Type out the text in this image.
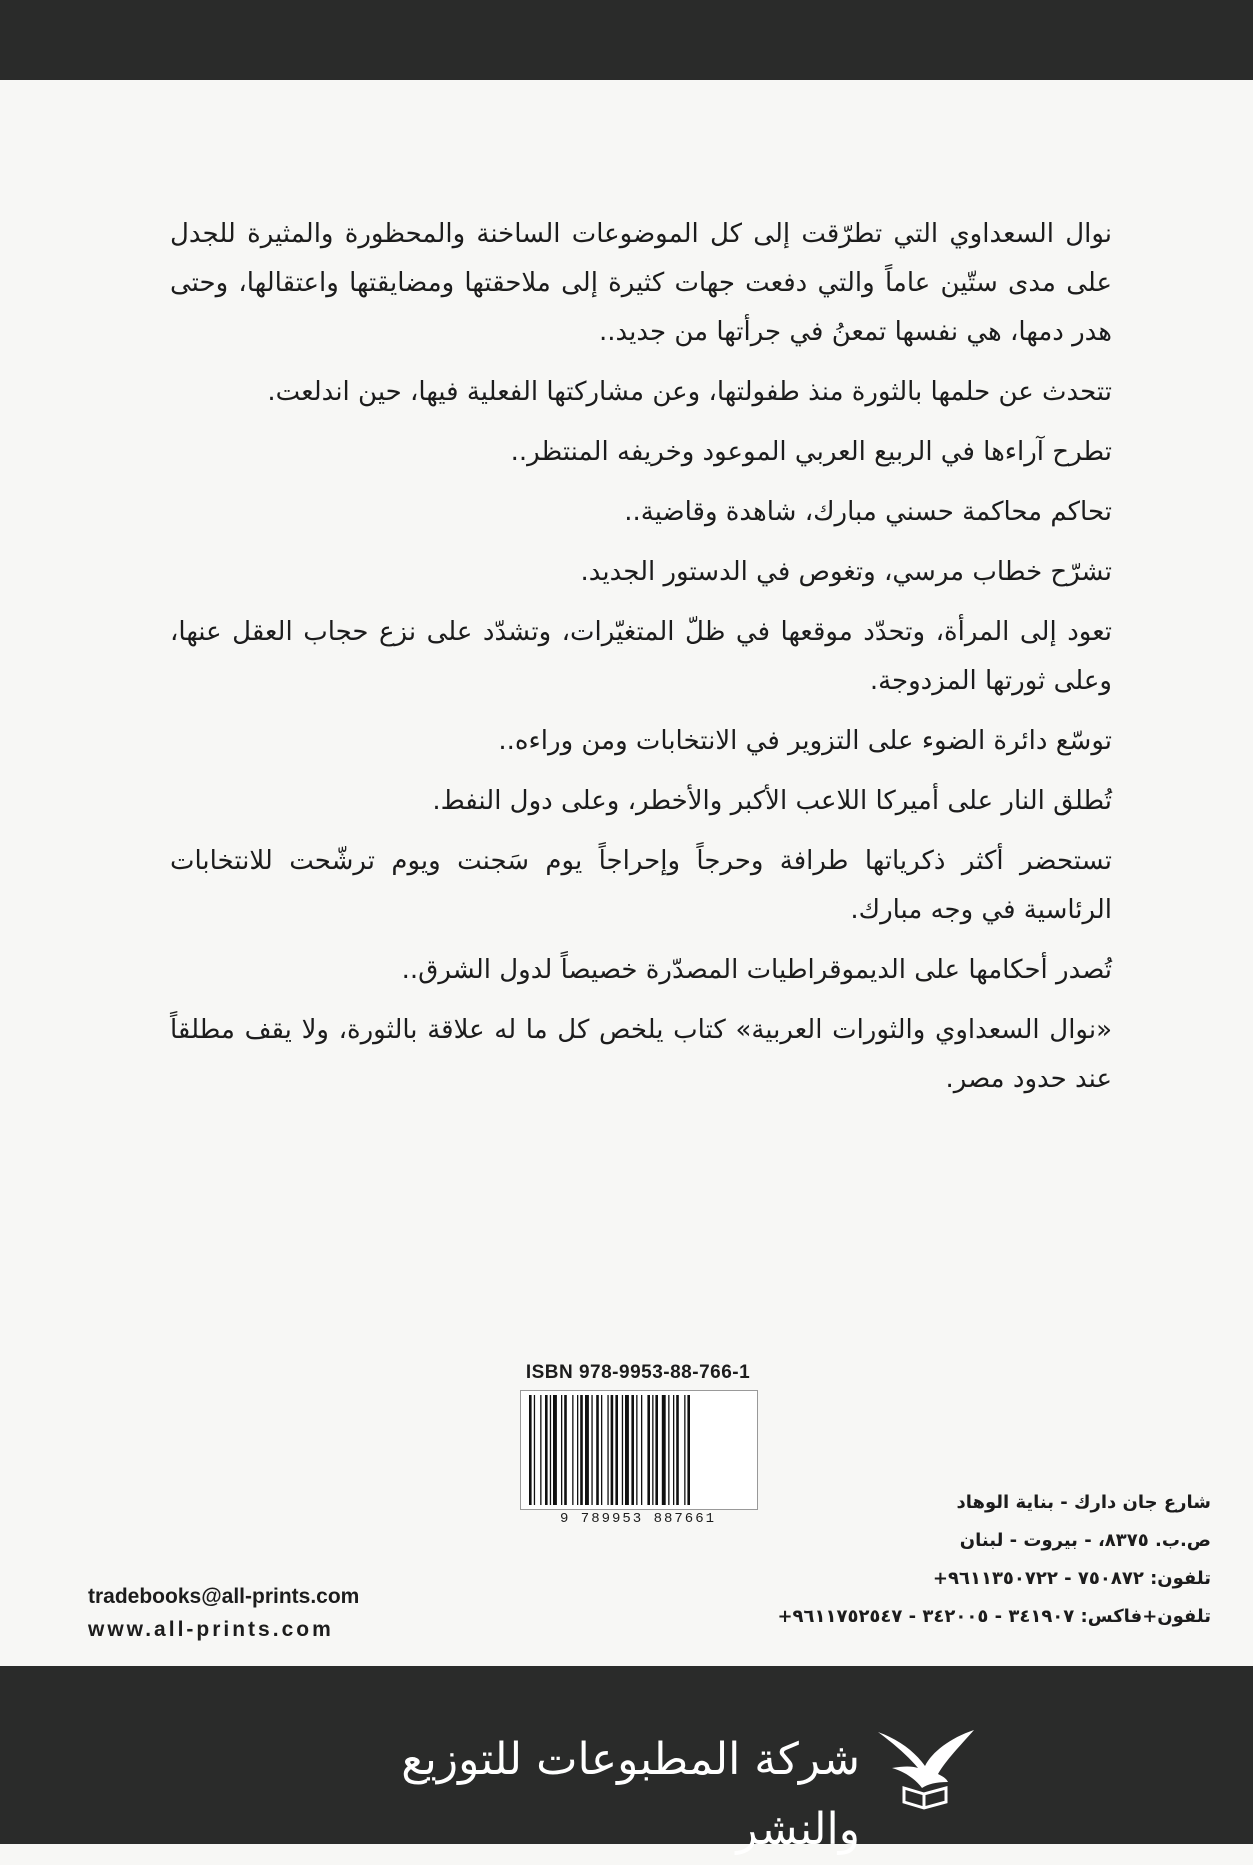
نوال السعداوي التي تطرّقت إلى كل الموضوعات الساخنة والمحظورة والمثيرة للجدل على مدى ستّين عاماً والتي دفعت جهات كثيرة إلى ملاحقتها ومضايقتها واعتقالها، وحتى هدر دمها، هي نفسها تمعنُ في جرأتها من جديد..

تتحدث عن حلمها بالثورة منذ طفولتها، وعن مشاركتها الفعلية فيها، حين اندلعت.

تطرح آراءها في الربيع العربي الموعود وخريفه المنتظر..

تحاكم محاكمة حسني مبارك، شاهدة وقاضية..

تشرّح خطاب مرسي، وتغوص في الدستور الجديد.

تعود إلى المرأة، وتحدّد موقعها في ظلّ المتغيّرات، وتشدّد على نزع حجاب العقل عنها، وعلى ثورتها المزدوجة.

توسّع دائرة الضوء على التزوير في الانتخابات ومن وراءه..

تُطلق النار على أميركا اللاعب الأكبر والأخطر، وعلى دول النفط.

تستحضر أكثر ذكرياتها طرافة وحرجاً وإحراجاً يوم سَجنت ويوم ترشّحت للانتخابات الرئاسية في وجه مبارك.

تُصدر أحكامها على الديموقراطيات المصدّرة خصيصاً لدول الشرق..

«نوال السعداوي والثورات العربية» كتاب يلخص كل ما له علاقة بالثورة، ولا يقف مطلقاً عند حدود مصر.

ISBN 978-9953-88-766-1
9 789953 887661
tradebooks@all-prints.com
www.all-prints.com
شارع جان دارك - بناية الوهاد
ص.ب. ٨٣٧٥، - بيروت - لبنان
تلفون: ٧٥٠٨٧٢ - ٩٦١١٣٥٠٧٢٢+
تلفون+فاكس: ٣٤١٩٠٧ - ٣٤٢٠٠٥ - ٩٦١١٧٥٢٥٤٧+
شركة المطبوعات للتوزيع والنشر
